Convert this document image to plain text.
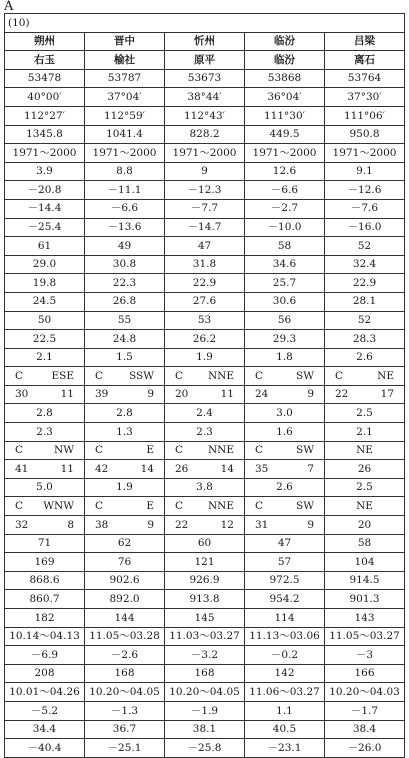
A
(10)				
朔州	晋中	忻州	临汾	吕梁
右玉	榆社	原平	临汾	离石
53478	53787	53673	53868	53764
40°00′	37°04′	38°44′	36°04′	37°30′
112°27′	112°59′	112°43′	111°30′	111°06′
1345.8	1041.4	828.2	449.5	950.8
1971～2000	1971～2000	1971～2000	1971～2000	1971～2000
3.9	8.8	9	12.6	9.1
－20.8	－11.1	－12.3	－6.6	－12.6
－14.4	－6.6	－7.7	－2.7	－7.6
－25.4	－13.6	－14.7	－10.0	－16.0
61	49	47	58	52
29.0	30.8	31.8	34.6	32.4
19.8	22.3	22.9	25.7	22.9
24.5	26.8	27.6	30.6	28.1
50	55	53	56	52
22.5	24.8	26.2	29.3	28.3
2.1	1.5	1.9	1.8	2.6

C ESE	C SSW	C NNE	C SW	C NE

30 11	39 9	20 11	24 9	22 17

2.8	2.8	2.4	3.0	2.5
2.3	1.3	2.3	1.6	2.1

C NW	C E	C NNE	C SW	NE

41 11	42 14	26 14	35 7	26

5.0	1.9	3.8	2.6	2.5

C WNW	C E	C NNE	C SW	NE

32 8	38 9	22 12	31 9	20

71	62	60	47	58
169	76	121	57	104
868.6	902.6	926.9	972.5	914.5
860.7	892.0	913.8	954.2	901.3
182	144	145	114	143
10.14～04.13	11.05～03.28	11.03～03.27	11.13～03.06	11.05～03.27
－6.9	－2.6	－3.2	－0.2	－3
208	168	168	142	166
10.01～04.26	10.20～04.05	10.20～04.05	11.06～03.27	10.20～04.03
－5.2	－1.3	－1.9	1.1	－1.7
34.4	36.7	38.1	40.5	38.4
－40.4	－25.1	－25.8	－23.1	－26.0
